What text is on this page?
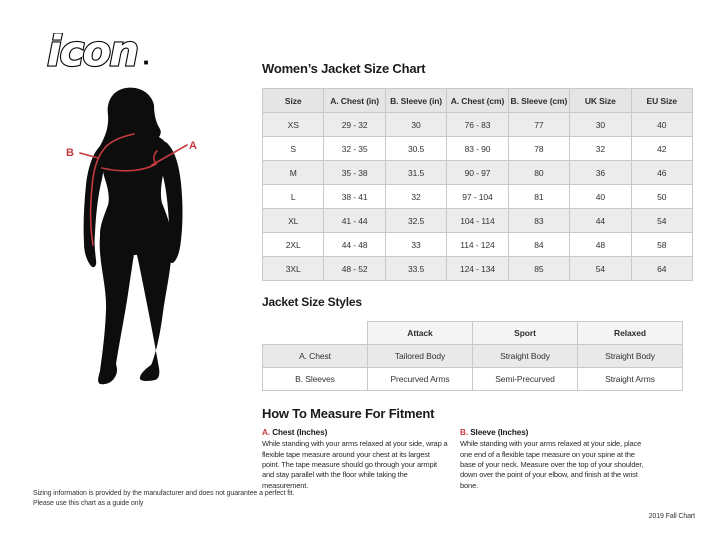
icon
A
B
Women’s Jacket Size Chart
Size	A. Chest (in)	B. Sleeve (in)	A. Chest (cm)	B. Sleeve (cm)	UK Size	EU Size
XS	29 - 32	30	76 - 83	77	30	40
S	32 - 35	30.5	83 - 90	78	32	42
M	35 - 38	31.5	90 - 97	80	36	46
L	38 - 41	32	97 - 104	81	40	50
XL	41 - 44	32.5	104 - 114	83	44	54
2XL	44 - 48	33	114 - 124	84	48	58
3XL	48 - 52	33.5	124 - 134	85	54	64
Jacket Size Styles
	Attack	Sport	Relaxed
A. Chest	Tailored Body	Straight Body	Straight Body
B. Sleeves	Precurved Arms	Semi-Precurved	Straight Arms
How To Measure For Fitment
A. Chest (Inches)
While standing with your arms relaxed at your side, wrap a flexible tape measure around your chest at its largest point. The tape measure should go through your armpit and stay parallel with the floor while taking the measurement.
B. Sleeve (Inches)
While standing with your arms relaxed at your side, place one end of a flexible tape measure on your spine at the base of your neck. Measure over the top of your shoulder, down over the point of your elbow, and finish at the wrist bone.
Sizing information is provided by the manufacturer and does not guarantee a perfect fit.
Please use this chart as a guide only
2019 Fall Chart
